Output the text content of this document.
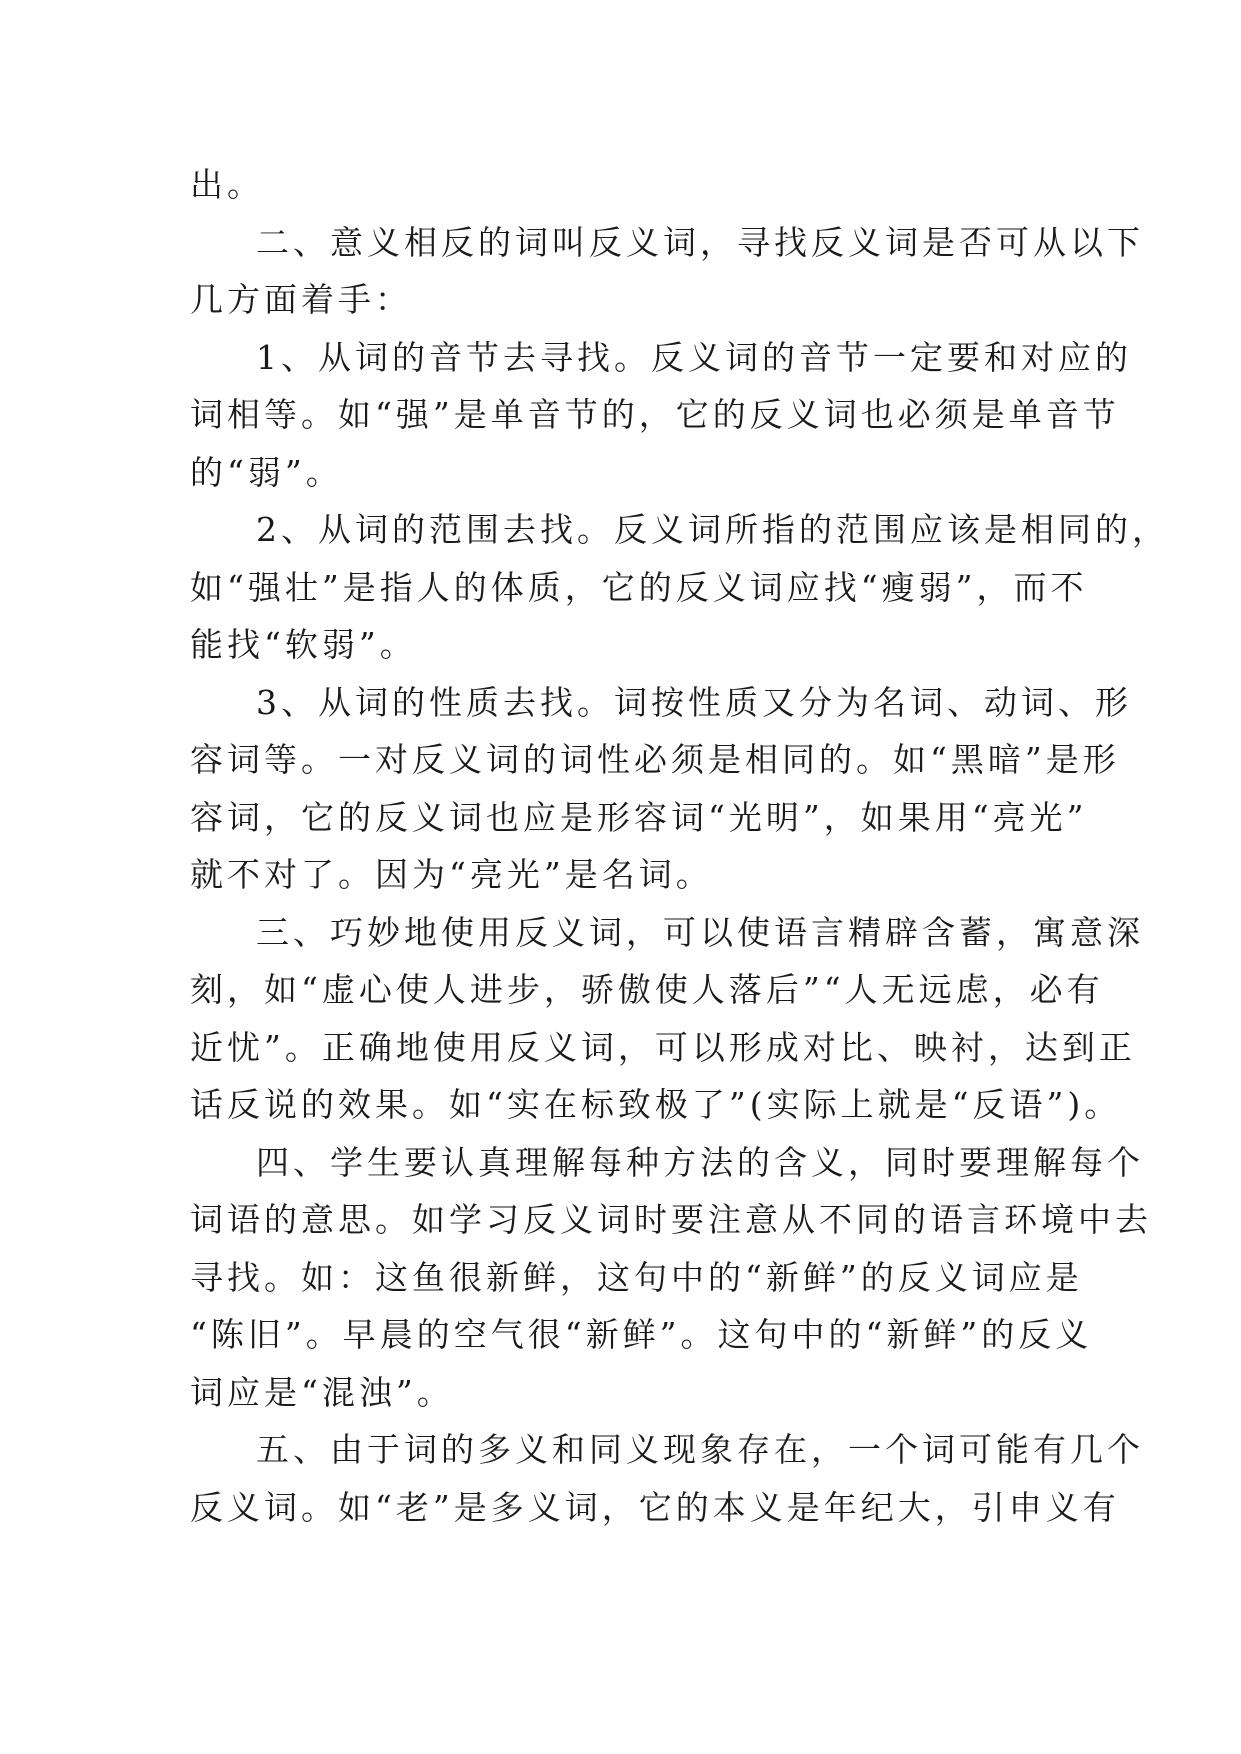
出。
二、意义相反的词叫反义词，寻找反义词是否可从以下
几方面着手：
1、从词的音节去寻找。反义词的音节一定要和对应的
词相等。如“强”是单音节的，它的反义词也必须是单音节
的“弱”。
2、从词的范围去找。反义词所指的范围应该是相同的，
如“强壮”是指人的体质，它的反义词应找“瘦弱”，而不
能找“软弱”。
3、从词的性质去找。词按性质又分为名词、动词、形
容词等。一对反义词的词性必须是相同的。如“黑暗”是形
容词，它的反义词也应是形容词“光明”，如果用“亮光”
就不对了。因为“亮光”是名词。
三、巧妙地使用反义词，可以使语言精辟含蓄，寓意深
刻，如“虚心使人进步，骄傲使人落后”“人无远虑，必有
近忧”。正确地使用反义词，可以形成对比、映衬，达到正
话反说的效果。如“实在标致极了”(实际上就是“反语”)。
四、学生要认真理解每种方法的含义，同时要理解每个
词语的意思。如学习反义词时要注意从不同的语言环境中去
寻找。如：这鱼很新鲜，这句中的“新鲜”的反义词应是
“陈旧”。早晨的空气很“新鲜”。这句中的“新鲜”的反义
词应是“混浊”。
五、由于词的多义和同义现象存在，一个词可能有几个
反义词。如“老”是多义词，它的本义是年纪大，引申义有
